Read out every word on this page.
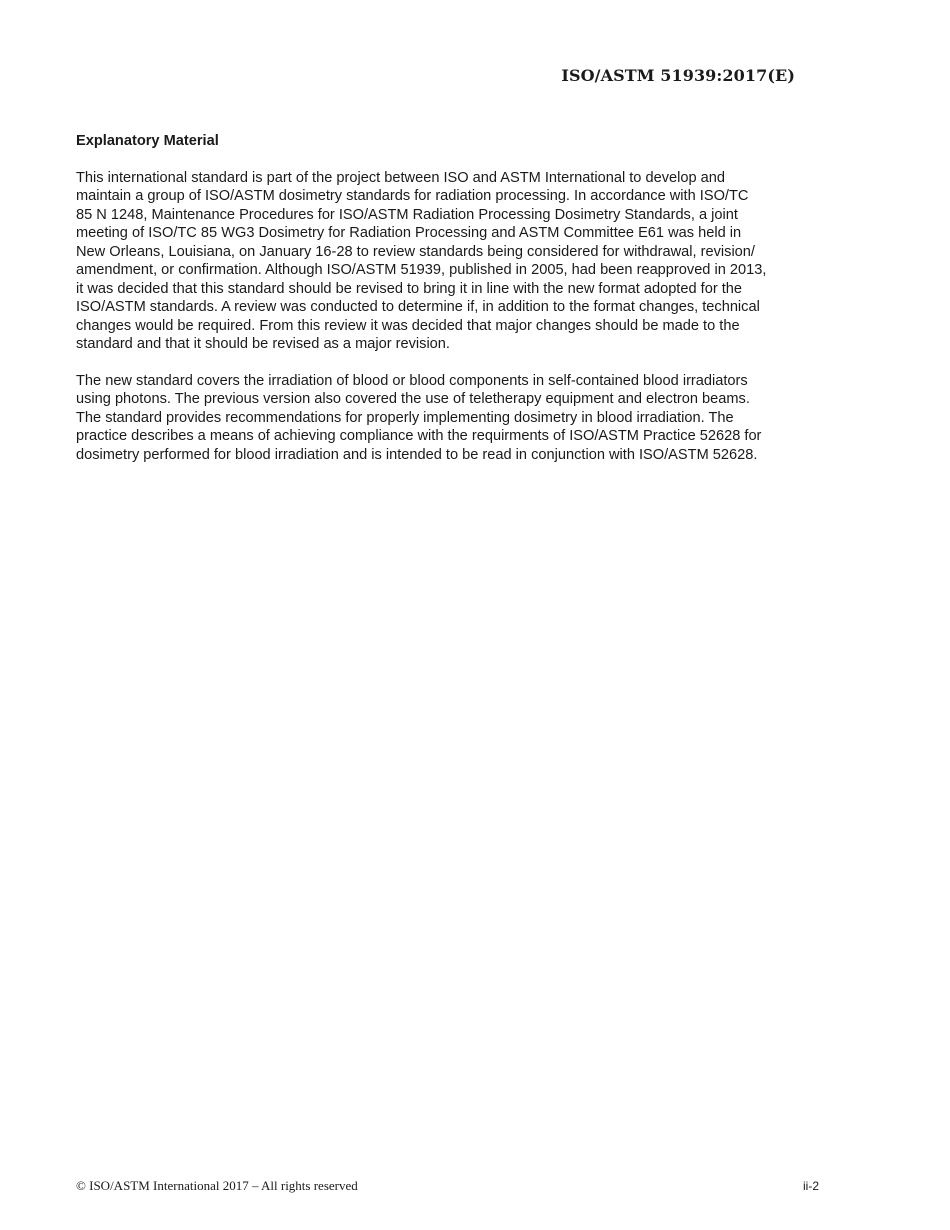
ISO/ASTM 51939:2017(E)
Explanatory Material
This international standard is part of the project between ISO and ASTM International to develop and
maintain a group of ISO/ASTM dosimetry standards for radiation processing. In accordance with ISO/TC
85 N 1248, Maintenance Procedures for ISO/ASTM Radiation Processing Dosimetry Standards, a joint
meeting of ISO/TC 85 WG3 Dosimetry for Radiation Processing and ASTM Committee E61 was held in
New Orleans, Louisiana, on January 16-28 to review standards being considered for withdrawal, revision/
amendment, or confirmation. Although ISO/ASTM 51939, published in 2005, had been reapproved in 2013,
it was decided that this standard should be revised to bring it in line with the new format adopted for the
ISO/ASTM standards. A review was conducted to determine if, in addition to the format changes, technical
changes would be required. From this review it was decided that major changes should be made to the
standard and that it should be revised as a major revision.
The new standard covers the irradiation of blood or blood components in self-contained blood irradiators
using photons. The previous version also covered the use of teletherapy equipment and electron beams.
The standard provides recommendations for properly implementing dosimetry in blood irradiation. The
practice describes a means of achieving compliance with the requirments of ISO/ASTM Practice 52628 for
dosimetry performed for blood irradiation and is intended to be read in conjunction with ISO/ASTM 52628.
© ISO/ASTM International 2017 – All rights reserved	ii-2
